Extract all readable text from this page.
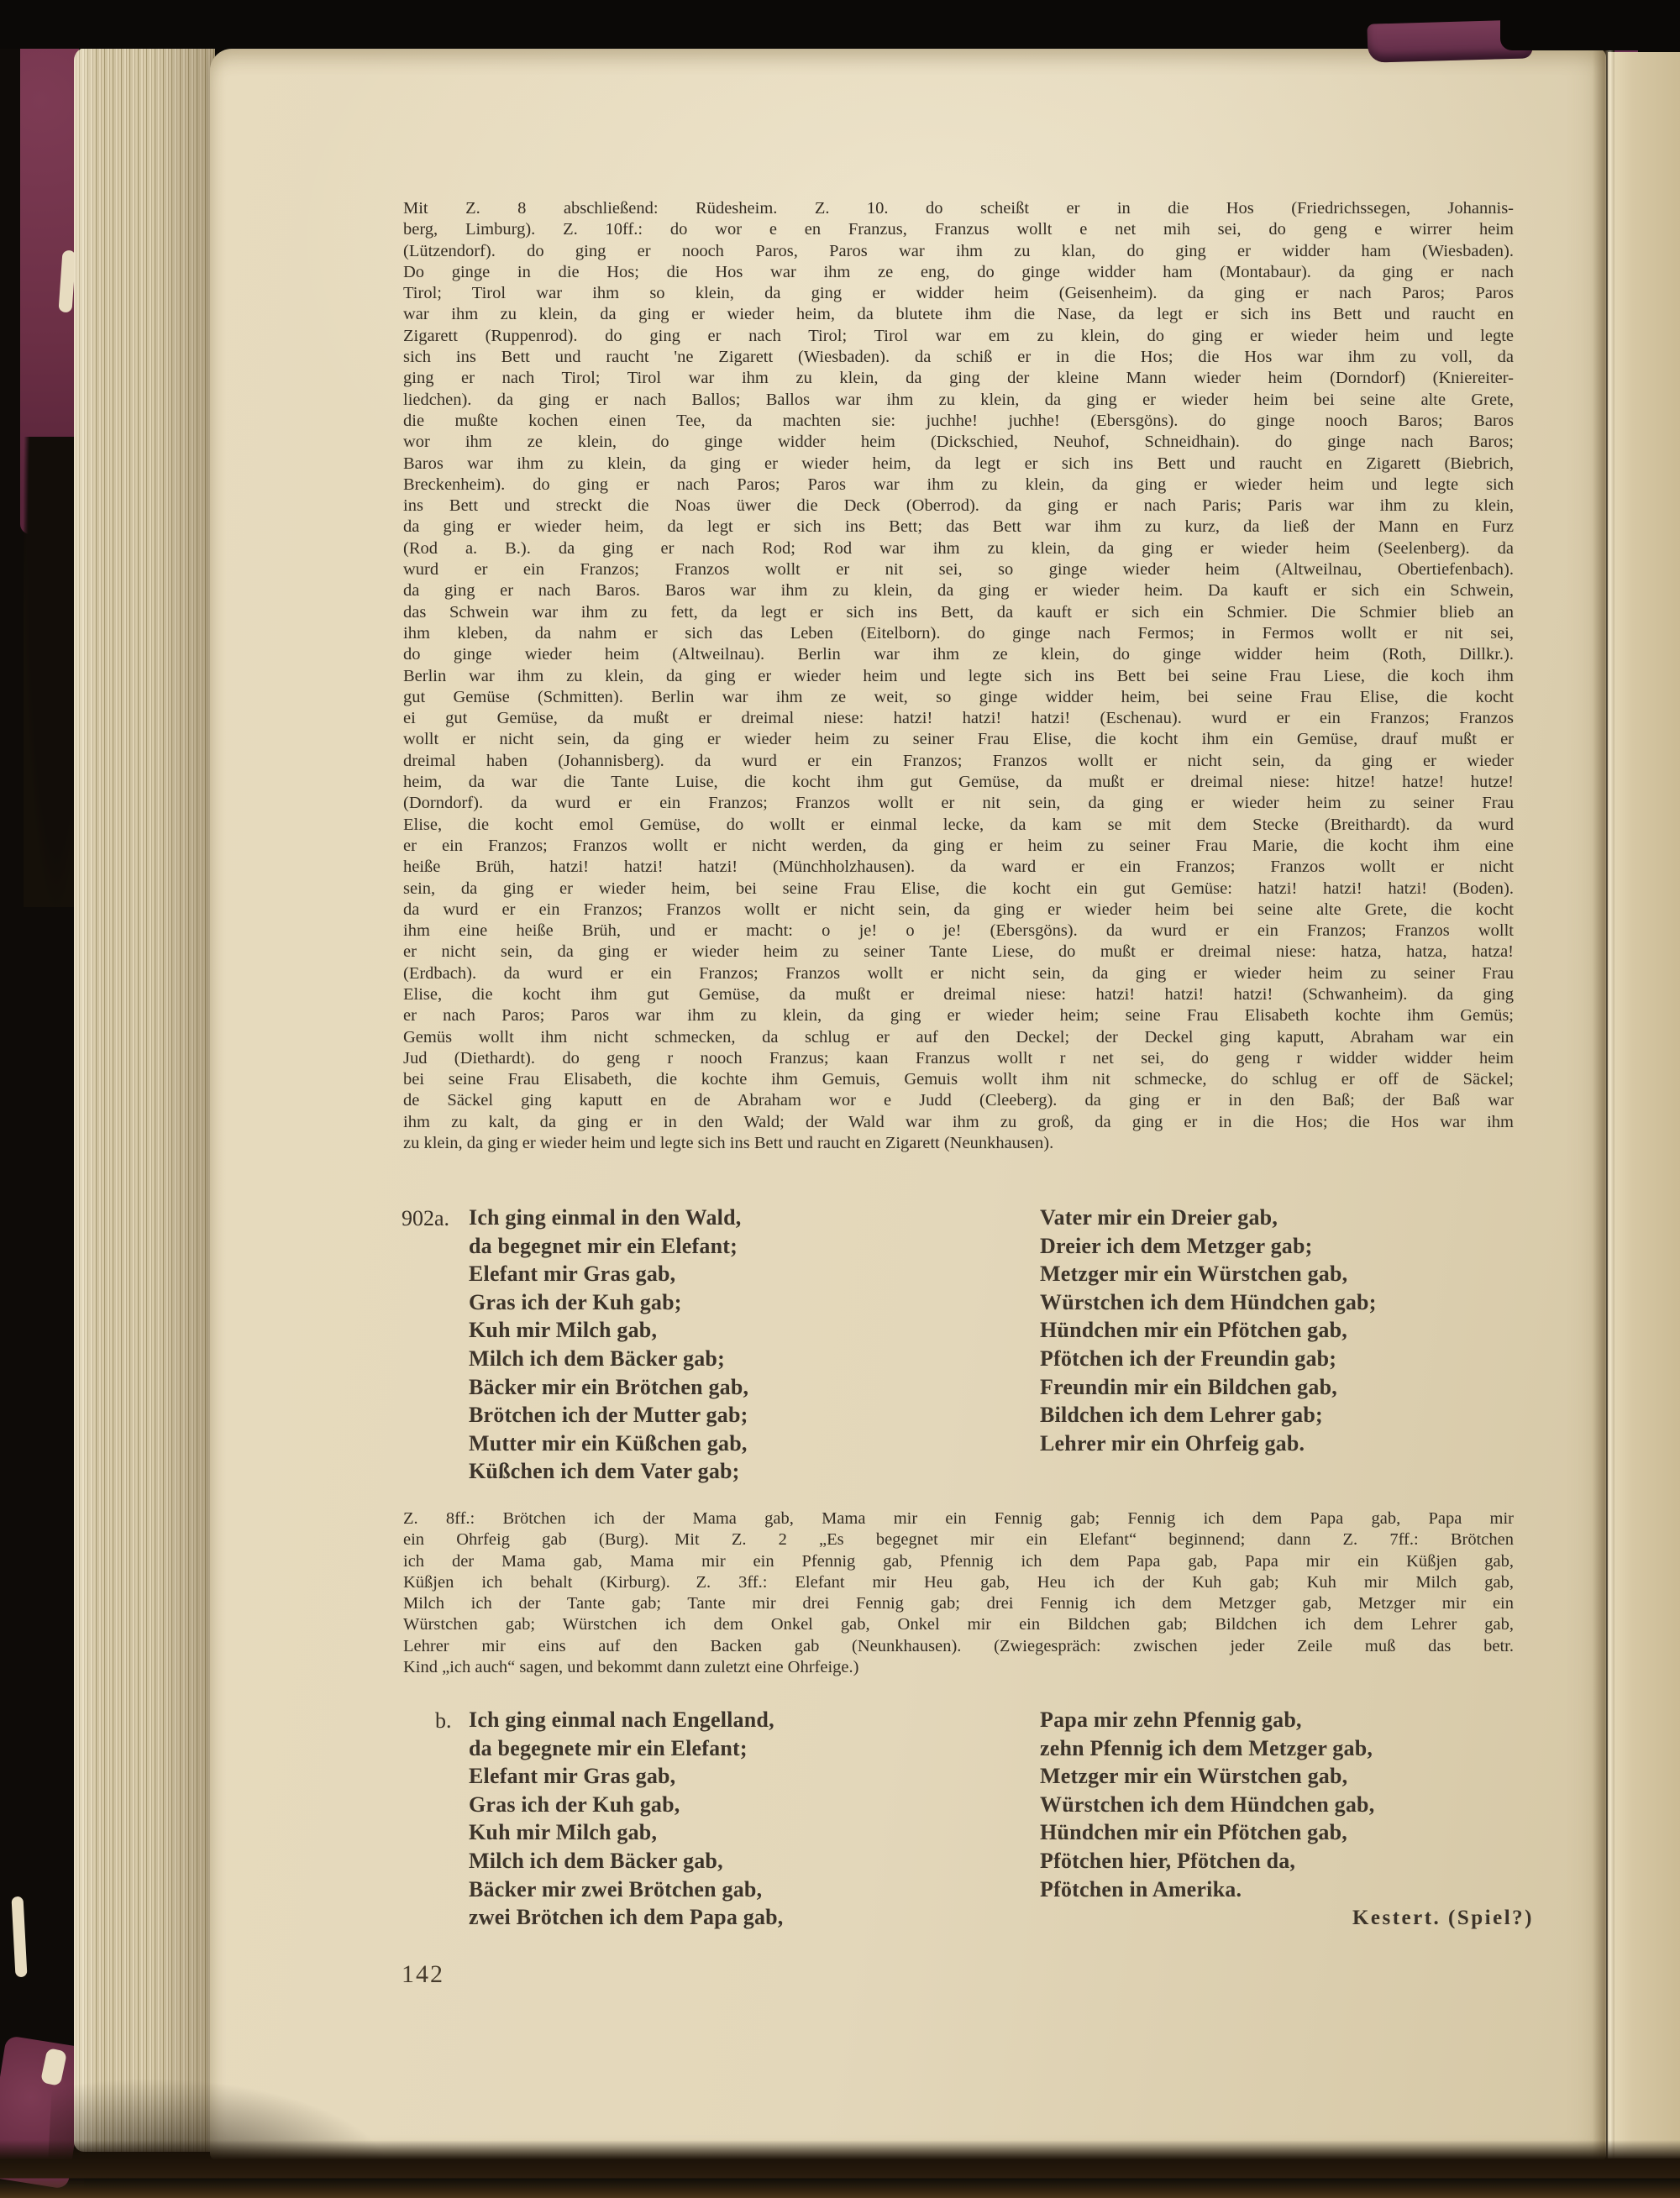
Mit Z. 8 abschließend: Rüdesheim. Z. 10. do scheißt er in die Hos (Friedrichssegen, Johannis-
berg, Limburg). Z. 10ff.: do wor e en Franzus, Franzus wollt e net mih sei, do geng e wirrer heim
(Lützendorf). do ging er nooch Paros, Paros war ihm zu klan, do ging er widder ham (Wiesbaden).
Do ginge in die Hos; die Hos war ihm ze eng, do ginge widder ham (Montabaur). da ging er nach
Tirol; Tirol war ihm so klein, da ging er widder heim (Geisenheim). da ging er nach Paros; Paros
war ihm zu klein, da ging er wieder heim, da blutete ihm die Nase, da legt er sich ins Bett und raucht en
Zigarett (Ruppenrod). do ging er nach Tirol; Tirol war em zu klein, do ging er wieder heim und legte
sich ins Bett und raucht 'ne Zigarett (Wiesbaden). da schiß er in die Hos; die Hos war ihm zu voll, da
ging er nach Tirol; Tirol war ihm zu klein, da ging der kleine Mann wieder heim (Dorndorf) (Kniereiter-
liedchen). da ging er nach Ballos; Ballos war ihm zu klein, da ging er wieder heim bei seine alte Grete,
die mußte kochen einen Tee, da machten sie: juchhe! juchhe! (Ebersgöns). do ginge nooch Baros; Baros
wor ihm ze klein, do ginge widder heim (Dickschied, Neuhof, Schneidhain). do ginge nach Baros;
Baros war ihm zu klein, da ging er wieder heim, da legt er sich ins Bett und raucht en Zigarett (Biebrich,
Breckenheim). do ging er nach Paros; Paros war ihm zu klein, da ging er wieder heim und legte sich
ins Bett und streckt die Noas üwer die Deck (Oberrod). da ging er nach Paris; Paris war ihm zu klein,
da ging er wieder heim, da legt er sich ins Bett; das Bett war ihm zu kurz, da ließ der Mann en Furz
(Rod a. B.). da ging er nach Rod; Rod war ihm zu klein, da ging er wieder heim (Seelenberg). da
wurd er ein Franzos; Franzos wollt er nit sei, so ginge wieder heim (Altweilnau, Obertiefenbach).
da ging er nach Baros. Baros war ihm zu klein, da ging er wieder heim. Da kauft er sich ein Schwein,
das Schwein war ihm zu fett, da legt er sich ins Bett, da kauft er sich ein Schmier. Die Schmier blieb an
ihm kleben, da nahm er sich das Leben (Eitelborn). do ginge nach Fermos; in Fermos wollt er nit sei,
do ginge wieder heim (Altweilnau). Berlin war ihm ze klein, do ginge widder heim (Roth, Dillkr.).
Berlin war ihm zu klein, da ging er wieder heim und legte sich ins Bett bei seine Frau Liese, die koch ihm
gut Gemüse (Schmitten). Berlin war ihm ze weit, so ginge widder heim, bei seine Frau Elise, die kocht
ei gut Gemüse, da mußt er dreimal niese: hatzi! hatzi! hatzi! (Eschenau). wurd er ein Franzos; Franzos
wollt er nicht sein, da ging er wieder heim zu seiner Frau Elise, die kocht ihm ein Gemüse, drauf mußt er
dreimal haben (Johannisberg). da wurd er ein Franzos; Franzos wollt er nicht sein, da ging er wieder
heim, da war die Tante Luise, die kocht ihm gut Gemüse, da mußt er dreimal niese: hitze! hatze! hutze!
(Dorndorf). da wurd er ein Franzos; Franzos wollt er nit sein, da ging er wieder heim zu seiner Frau
Elise, die kocht emol Gemüse, do wollt er einmal lecke, da kam se mit dem Stecke (Breithardt). da wurd
er ein Franzos; Franzos wollt er nicht werden, da ging er heim zu seiner Frau Marie, die kocht ihm eine
heiße Brüh, hatzi! hatzi! hatzi! (Münchholzhausen). da ward er ein Franzos; Franzos wollt er nicht
sein, da ging er wieder heim, bei seine Frau Elise, die kocht ein gut Gemüse: hatzi! hatzi! hatzi! (Boden).
da wurd er ein Franzos; Franzos wollt er nicht sein, da ging er wieder heim bei seine alte Grete, die kocht
ihm eine heiße Brüh, und er macht: o je! o je! (Ebersgöns). da wurd er ein Franzos; Franzos wollt
er nicht sein, da ging er wieder heim zu seiner Tante Liese, do mußt er dreimal niese: hatza, hatza, hatza!
(Erdbach). da wurd er ein Franzos; Franzos wollt er nicht sein, da ging er wieder heim zu seiner Frau
Elise, die kocht ihm gut Gemüse, da mußt er dreimal niese: hatzi! hatzi! hatzi! (Schwanheim). da ging
er nach Paros; Paros war ihm zu klein, da ging er wieder heim; seine Frau Elisabeth kochte ihm Gemüs;
Gemüs wollt ihm nicht schmecken, da schlug er auf den Deckel; der Deckel ging kaputt, Abraham war ein
Jud (Diethardt). do geng r nooch Franzus; kaan Franzus wollt r net sei, do geng r widder widder heim
bei seine Frau Elisabeth, die kochte ihm Gemuis, Gemuis wollt ihm nit schmecke, do schlug er off de Säckel;
de Säckel ging kaputt en de Abraham wor e Judd (Cleeberg). da ging er in den Baß; der Baß war
ihm zu kalt, da ging er in den Wald; der Wald war ihm zu groß, da ging er in die Hos; die Hos war ihm
zu klein, da ging er wieder heim und legte sich ins Bett und raucht en Zigarett (Neunkhausen).
902a. Ich ging einmal in den Wald,
da begegnet mir ein Elefant;
Elefant mir Gras gab,
Gras ich der Kuh gab;
Kuh mir Milch gab,
Milch ich dem Bäcker gab;
Bäcker mir ein Brötchen gab,
Brötchen ich der Mutter gab;
Mutter mir ein Küßchen gab,
Küßchen ich dem Vater gab;
Vater mir ein Dreier gab,
Dreier ich dem Metzger gab;
Metzger mir ein Würstchen gab,
Würstchen ich dem Hündchen gab;
Hündchen mir ein Pfötchen gab,
Pfötchen ich der Freundin gab;
Freundin mir ein Bildchen gab,
Bildchen ich dem Lehrer gab;
Lehrer mir ein Ohrfeig gab.
Z. 8ff.: Brötchen ich der Mama gab, Mama mir ein Fennig gab; Fennig ich dem Papa gab, Papa mir
ein Ohrfeig gab (Burg).  Mit Z. 2 „Es begegnet mir ein Elefant“ beginnend; dann Z. 7ff.: Brötchen
ich der Mama gab, Mama mir ein Pfennig gab, Pfennig ich dem Papa gab, Papa mir ein Küßjen gab,
Küßjen ich behalt (Kirburg).  Z. 3ff.: Elefant mir Heu gab, Heu ich der Kuh gab; Kuh mir Milch gab,
Milch ich der Tante gab; Tante mir drei Fennig gab; drei Fennig ich dem Metzger gab, Metzger mir ein
Würstchen gab; Würstchen ich dem Onkel gab, Onkel mir ein Bildchen gab; Bildchen ich dem Lehrer gab,
Lehrer mir eins auf den Backen gab (Neunkhausen). (Zwiegespräch: zwischen jeder Zeile muß das betr.
Kind „ich auch“ sagen, und bekommt dann zuletzt eine Ohrfeige.)
b. Ich ging einmal nach Engelland,
da begegnete mir ein Elefant;
Elefant mir Gras gab,
Gras ich der Kuh gab,
Kuh mir Milch gab,
Milch ich dem Bäcker gab,
Bäcker mir zwei Brötchen gab,
zwei Brötchen ich dem Papa gab,
Papa mir zehn Pfennig gab,
zehn Pfennig ich dem Metzger gab,
Metzger mir ein Würstchen gab,
Würstchen ich dem Hündchen gab,
Hündchen mir ein Pfötchen gab,
Pfötchen hier, Pfötchen da,
Pfötchen in Amerika.
Kestert. (Spiel?)
142
